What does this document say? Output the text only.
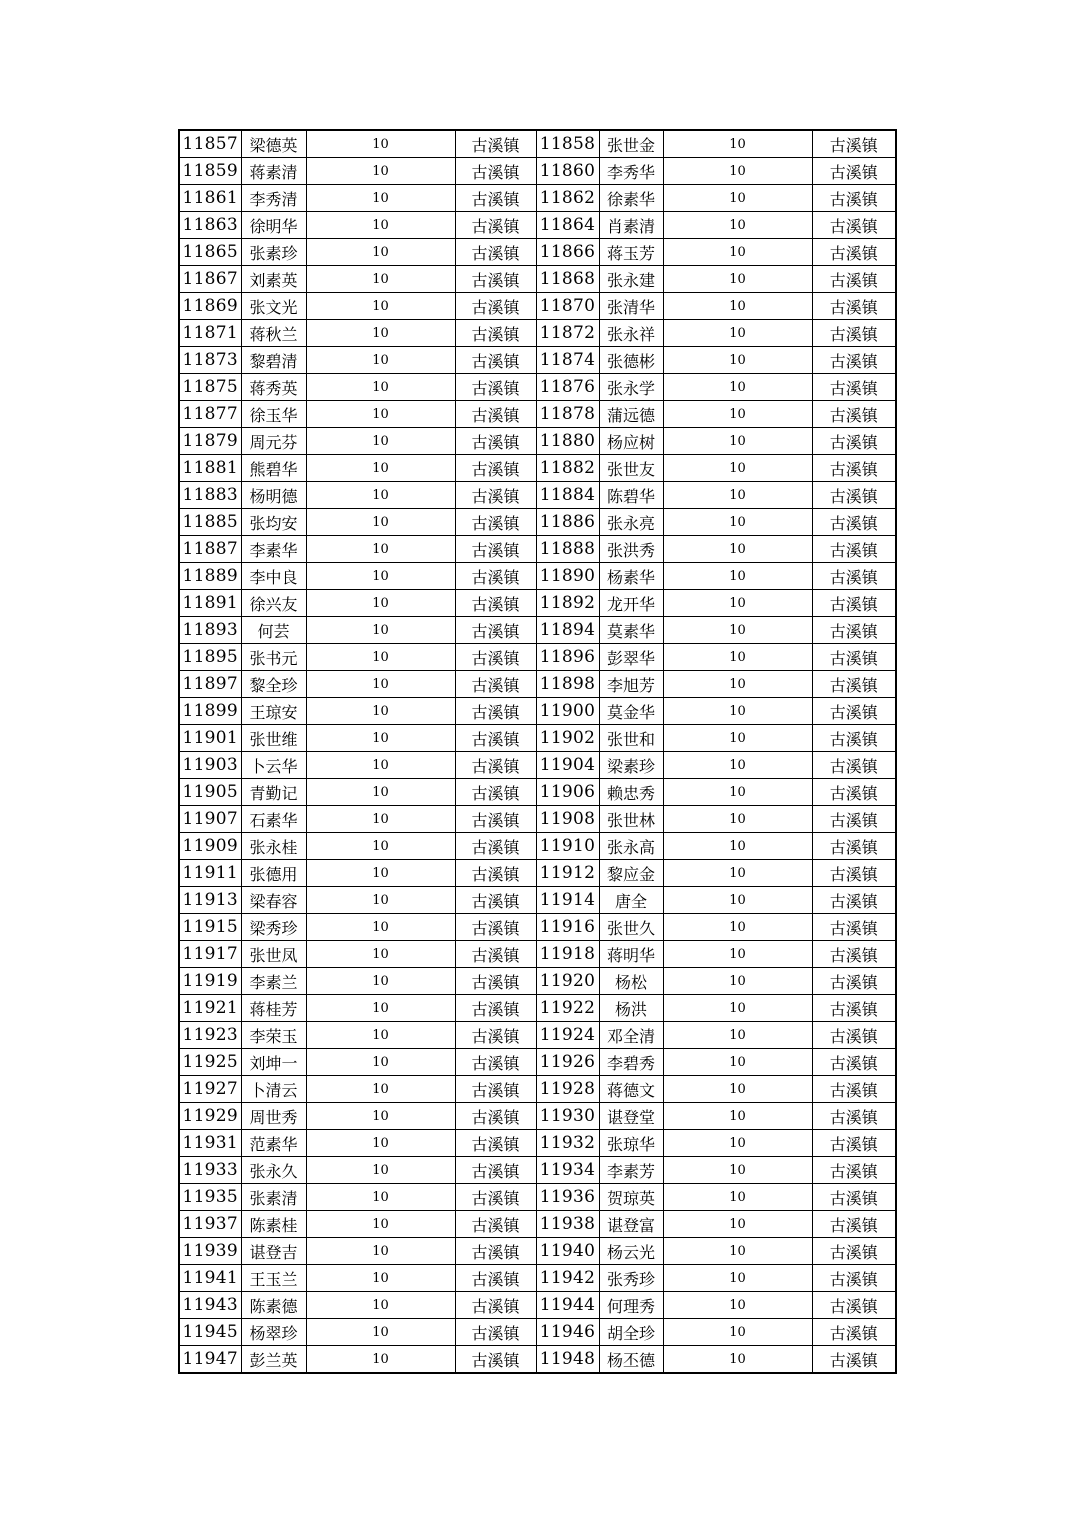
11857	梁德英	10	古溪镇	11858	张世金	10	古溪镇
11859	蒋素清	10	古溪镇	11860	李秀华	10	古溪镇
11861	李秀清	10	古溪镇	11862	徐素华	10	古溪镇
11863	徐明华	10	古溪镇	11864	肖素清	10	古溪镇
11865	张素珍	10	古溪镇	11866	蒋玉芳	10	古溪镇
11867	刘素英	10	古溪镇	11868	张永建	10	古溪镇
11869	张文光	10	古溪镇	11870	张清华	10	古溪镇
11871	蒋秋兰	10	古溪镇	11872	张永祥	10	古溪镇
11873	黎碧清	10	古溪镇	11874	张德彬	10	古溪镇
11875	蒋秀英	10	古溪镇	11876	张永学	10	古溪镇
11877	徐玉华	10	古溪镇	11878	蒲远德	10	古溪镇
11879	周元芬	10	古溪镇	11880	杨应树	10	古溪镇
11881	熊碧华	10	古溪镇	11882	张世友	10	古溪镇
11883	杨明德	10	古溪镇	11884	陈碧华	10	古溪镇
11885	张均安	10	古溪镇	11886	张永亮	10	古溪镇
11887	李素华	10	古溪镇	11888	张洪秀	10	古溪镇
11889	李中良	10	古溪镇	11890	杨素华	10	古溪镇
11891	徐兴友	10	古溪镇	11892	龙开华	10	古溪镇
11893	何芸	10	古溪镇	11894	莫素华	10	古溪镇
11895	张书元	10	古溪镇	11896	彭翠华	10	古溪镇
11897	黎全珍	10	古溪镇	11898	李旭芳	10	古溪镇
11899	王琼安	10	古溪镇	11900	莫金华	10	古溪镇
11901	张世维	10	古溪镇	11902	张世和	10	古溪镇
11903	卜云华	10	古溪镇	11904	梁素珍	10	古溪镇
11905	青勤记	10	古溪镇	11906	赖忠秀	10	古溪镇
11907	石素华	10	古溪镇	11908	张世林	10	古溪镇
11909	张永桂	10	古溪镇	11910	张永高	10	古溪镇
11911	张德用	10	古溪镇	11912	黎应金	10	古溪镇
11913	梁春容	10	古溪镇	11914	唐全	10	古溪镇
11915	梁秀珍	10	古溪镇	11916	张世久	10	古溪镇
11917	张世凤	10	古溪镇	11918	蒋明华	10	古溪镇
11919	李素兰	10	古溪镇	11920	杨松	10	古溪镇
11921	蒋桂芳	10	古溪镇	11922	杨洪	10	古溪镇
11923	李荣玉	10	古溪镇	11924	邓全清	10	古溪镇
11925	刘坤一	10	古溪镇	11926	李碧秀	10	古溪镇
11927	卜清云	10	古溪镇	11928	蒋德文	10	古溪镇
11929	周世秀	10	古溪镇	11930	谌登堂	10	古溪镇
11931	范素华	10	古溪镇	11932	张琼华	10	古溪镇
11933	张永久	10	古溪镇	11934	李素芳	10	古溪镇
11935	张素清	10	古溪镇	11936	贺琼英	10	古溪镇
11937	陈素桂	10	古溪镇	11938	谌登富	10	古溪镇
11939	谌登吉	10	古溪镇	11940	杨云光	10	古溪镇
11941	王玉兰	10	古溪镇	11942	张秀珍	10	古溪镇
11943	陈素德	10	古溪镇	11944	何理秀	10	古溪镇
11945	杨翠珍	10	古溪镇	11946	胡全珍	10	古溪镇
11947	彭兰英	10	古溪镇	11948	杨丕德	10	古溪镇
